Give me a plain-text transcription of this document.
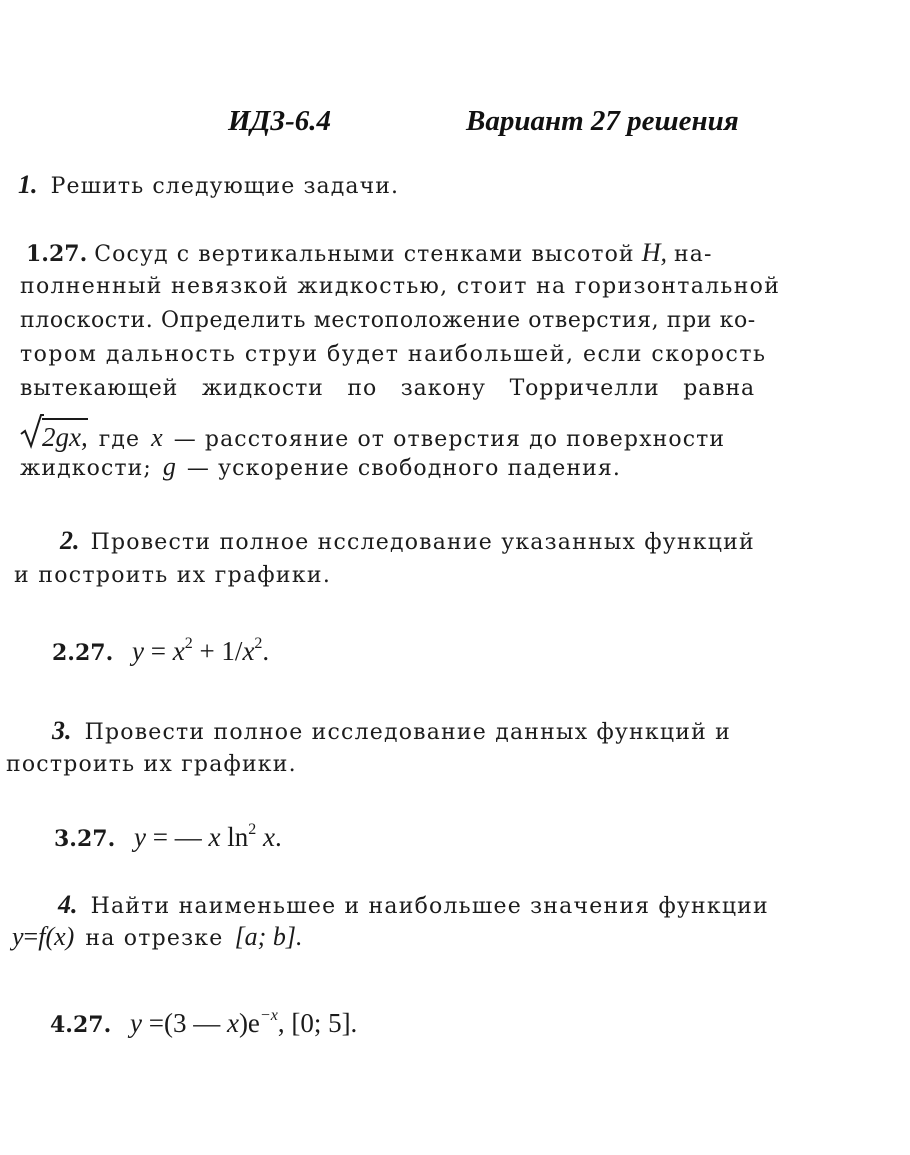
ИДЗ-6.4	Вариант 27 решения
1. Решить следующие задачи.
1.27. Сосуд с вертикальными стенками высотой H, на-
полненный невязкой жидкостью, стоит на горизонтальной
плоскости. Определить местоположение отверстия, при ко-
тором дальность струи будет наибольшей, если скорость
вытекающей   жидкости   по   закону   Торричелли   равна
2gx, где x — расстояние от отверстия до поверхности
жидкости; g — ускорение свободного падения.
2. Провести полное нсследование указанных функций
и построить их графики.
2.27. $y = x^2 + 1/x^2$.
3. Провести полное исследование данных функций и
построить их графики.
3.27. y = — x $\ln^2 x$.
4. Найти наименьшее и наибольшее значения функции
y=f(x) на отрезке [a; b].
4.27. y =(3 — $x)e^{-x}$, [0; 5].
